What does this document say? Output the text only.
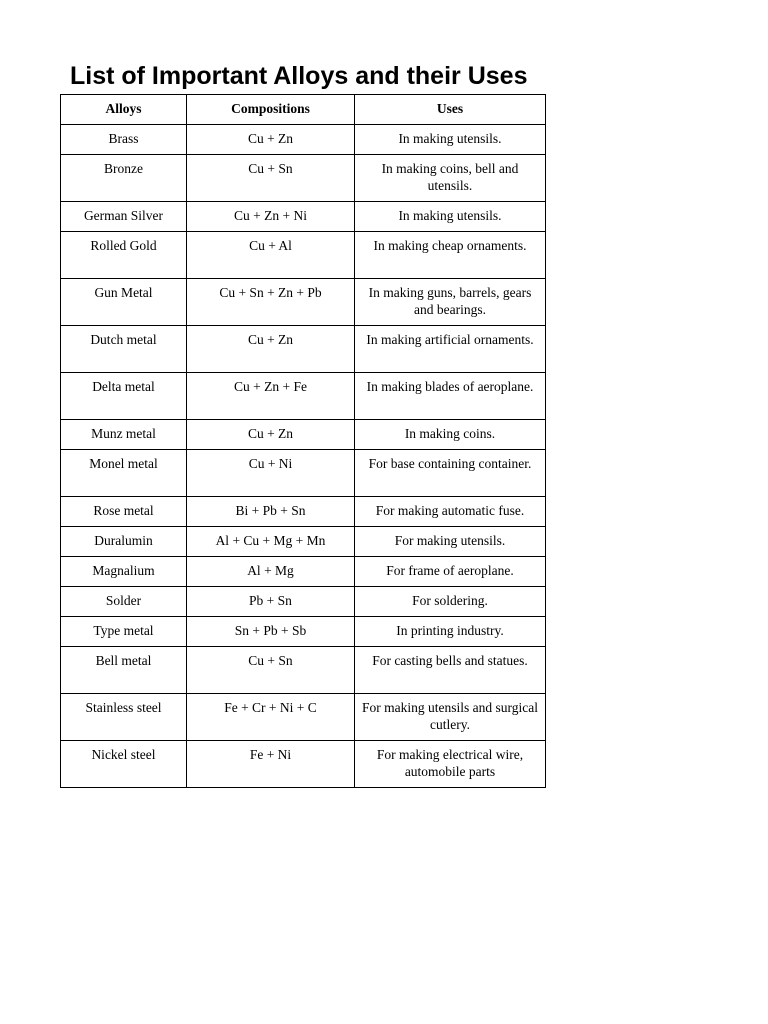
List of Important Alloys and their Uses
Alloys	Compositions	Uses
Brass	Cu + Zn	In making utensils.
Bronze	Cu + Sn	In making coins, bell and utensils.
German Silver	Cu + Zn + Ni	In making utensils.
Rolled Gold	Cu + Al	In making cheap ornaments.
Gun Metal	Cu + Sn + Zn + Pb	In making guns, barrels, gears and bearings.
Dutch metal	Cu + Zn	In making artificial ornaments.
Delta metal	Cu + Zn + Fe	In making blades of aeroplane.
Munz metal	Cu + Zn	In making coins.
Monel metal	Cu + Ni	For base containing container.
Rose metal	Bi + Pb + Sn	For making automatic fuse.
Duralumin	Al + Cu + Mg + Mn	For making utensils.
Magnalium	Al + Mg	For frame of aeroplane.
Solder	Pb + Sn	For soldering.
Type metal	Sn + Pb + Sb	In printing industry.
Bell metal	Cu + Sn	For casting bells and statues.
Stainless steel	Fe + Cr + Ni + C	For making utensils and surgical cutlery.
Nickel steel	Fe + Ni	For making electrical wire, automobile parts
